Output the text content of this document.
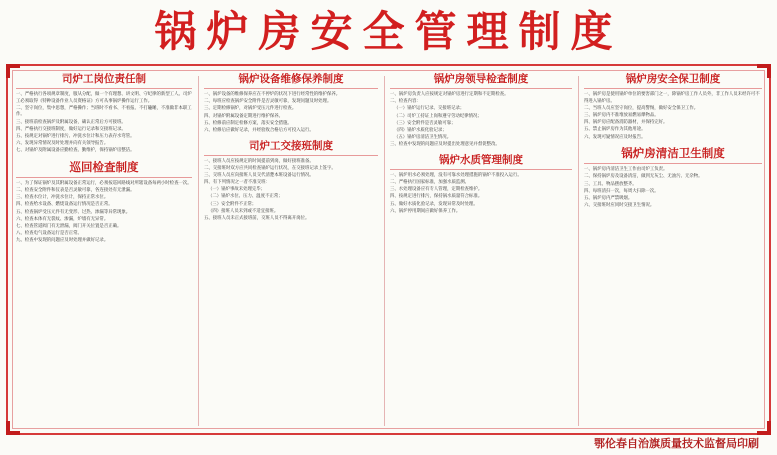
锅炉房安全管理制度
司炉工岗位责任制
一、严格执行各项规章制度，服从分配，做一个有理想、讲文明、守纪律的新型工人。司炉工必须取得《特种设备作业人员资格证》方可从事锅炉操作运行工作。
二、坚守岗位，集中思想，严格操作；当班时不看书、不看报、不打瞌睡，不准做非本职工作。
三、接班前检查锅炉及附属设备，确认正常后方可接班。
四、严格执行交接班制度，做好运行记录和交接班记录。
五、按规定对锅炉进行排污、冲洗水位计和压力表存水弯管。
六、发现异常情况及时处理并向有关领导报告。
七、对锅炉及附属设备应勤检查、勤维护，保持锅炉房整洁。
巡回检查制度
一、为了保证锅炉及其附属设备正常运行，必须按巡回路线对所辖设备每两小时检查一次。
二、检查安全附件和仪表是否灵敏可靠，各连接处有无泄漏。
三、检查水位计，冲洗水位计，保持正常水位。
四、检查给水设备、燃烧设备运行情况是否正常。
五、检查锅炉受压元件有无变形、过热、渗漏等异常现象。
六、检查本体有无裂纹、渗漏，炉墙有无异常。
七、检查管道阀门有无泄漏，阀门开关位置是否正确。
八、检查电气设备运行是否正常。
九、检查中发现的问题应及时处理并做好记录。
锅炉设备维修保养制度
一、锅炉设备的维修保养应在不停炉的状况下进行经常性的维护保养。
二、每班应检查锅炉安全附件是否灵敏可靠，发现问题及时处理。
三、定期检修锅炉，对锅炉受压元件进行检查。
四、对锅炉附属设备定期进行维护保养。
五、检修前应制定检修方案，落实安全措施。
六、检修后应做好记录，并经验收合格后方可投入运行。
司炉工交接班制度
一、接班人员应按规定的时间提前到岗，做好接班准备。
二、交接班时双方应共同检查锅炉运行状况，在交接班记录上签字。
三、交班人员应向接班人员交代清楚本班设备运行情况。
四、有下列情况之一者不准交班：
（一）锅炉事故未处理完毕；
（二）锅炉水位、压力、温度不正常；
（三）安全附件不正常；
（四）接班人员未到或不适宜接班。
五、接班人员未正式接班前，交班人员不得离开岗位。
锅炉房领导检查制度
一、锅炉房负责人应按规定对锅炉房进行定期和不定期检查。
二、检查内容：
（一）锅炉运行记录、交接班记录；
（二）司炉工持证上岗和遵守劳动纪律情况；
（三）安全附件是否灵敏可靠；
（四）锅炉水质化验记录；
（五）锅炉房清洁卫生情况。
三、检查中发现的问题应及时提出处理意见并督促整改。
锅炉水质管理制度
一、锅炉用水必须处理，没有可靠水处理措施的锅炉不准投入运行。
二、严格执行国家标准，加强水质监测。
三、水处理设备应有专人管理，定期检查维护。
四、按规定进行排污，保持锅水质量符合标准。
五、做好水质化验记录，发现异常及时处理。
六、锅炉停用期间应做好保养工作。
锅炉房安全保卫制度
一、锅炉房是使用锅炉单位的要害部门之一，除锅炉房工作人员外，非工作人员未经许可不得进入锅炉房。
二、当班人员应坚守岗位，提高警惕，做好安全保卫工作。
三、锅炉房内不准堆放易燃易爆物品。
四、锅炉房应配备消防器材，并保持完好。
五、禁止锅炉房作为其他用途。
六、发现可疑情况应及时报告。
锅炉房清洁卫生制度
一、锅炉房内清洁卫生工作由司炉工负责。
二、保持锅炉房及设备清洁，做到无灰尘、无油污、无杂物。
三、工具、物品摆放整齐。
四、每班清扫一次，每周大扫除一次。
五、锅炉房内严禁吸烟。
六、交接班时应同时交接卫生情况。
鄂伦春自治旗质量技术监督局印刷
